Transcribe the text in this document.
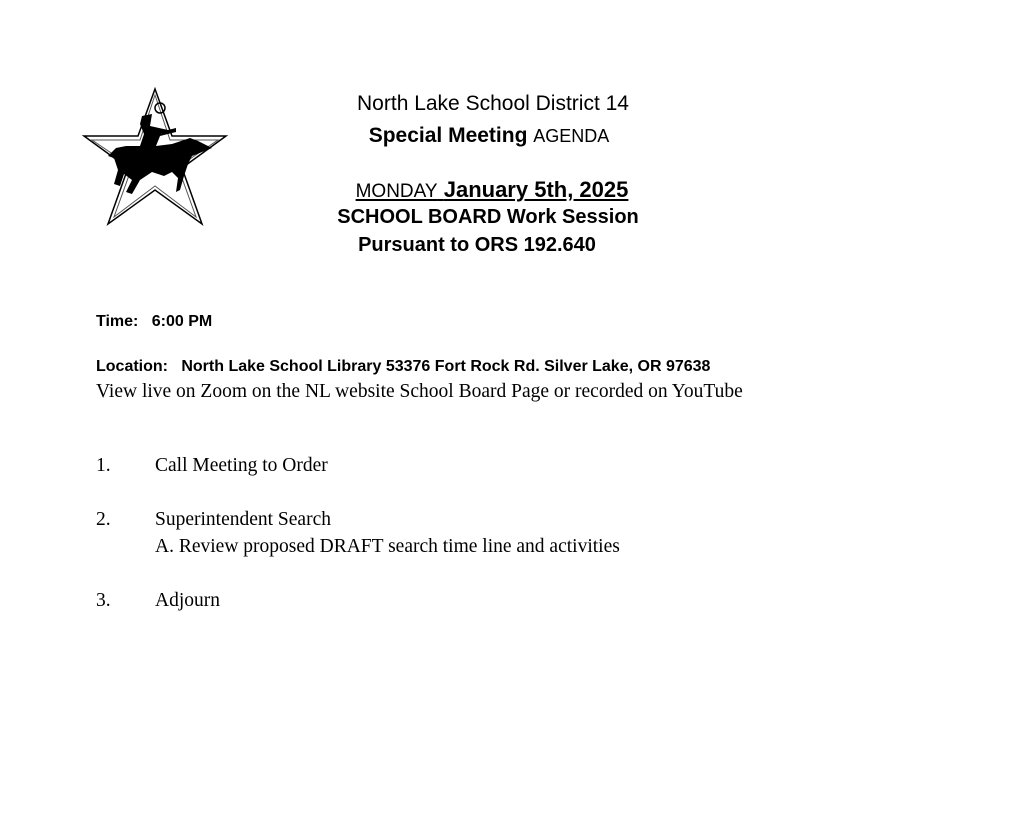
North Lake School District 14
Special Meeting AGENDA
MONDAY January 5th, 2025
SCHOOL BOARD Work Session
Pursuant to ORS 192.640
Time: 6:00 PM
Location: North Lake School Library 53376 Fort Rock Rd. Silver Lake, OR 97638
View live on Zoom on the NL website School Board Page or recorded on YouTube
1. Call Meeting to Order
2. Superintendent Search
A. Review proposed DRAFT search time line and activities
3. Adjourn
